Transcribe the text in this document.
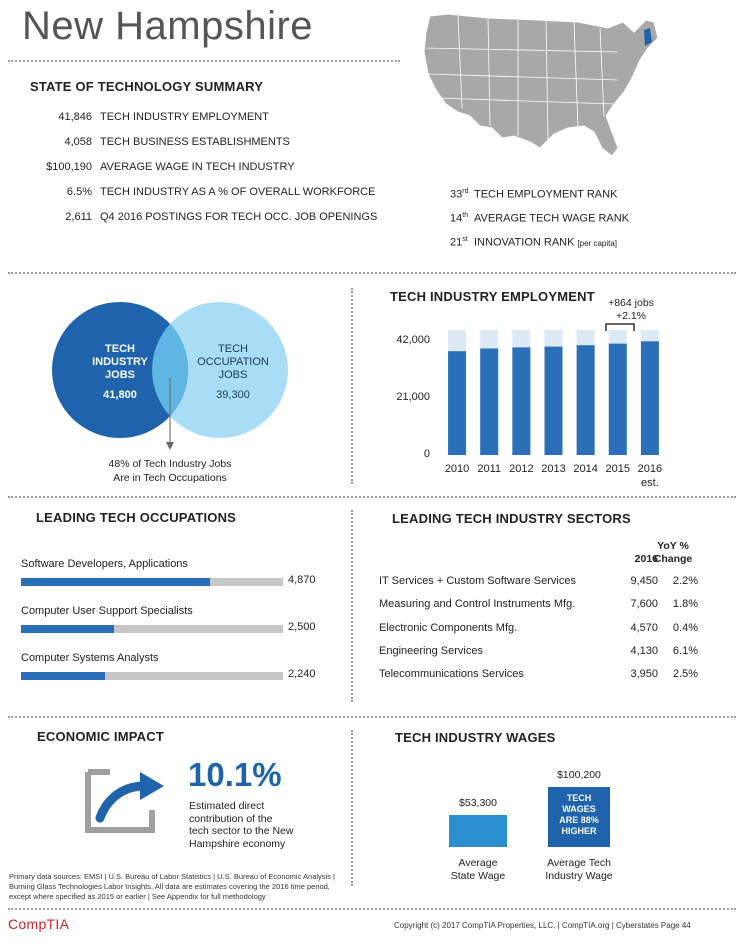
New Hampshire
STATE OF TECHNOLOGY SUMMARY
41,846 TECH INDUSTRY EMPLOYMENT
4,058 TECH BUSINESS ESTABLISHMENTS
$100,190 AVERAGE WAGE IN TECH INDUSTRY
6.5% TECH INDUSTRY AS A % OF OVERALL WORKFORCE
2,611 Q4 2016 POSTINGS FOR TECH OCC. JOB OPENINGS
33rd TECH EMPLOYMENT RANK
14th AVERAGE TECH WAGE RANK
21st INNOVATION RANK [per capita]
TECH
INDUSTRY
JOBS
41,800
TECH
OCCUPATION
JOBS
39,300
48% of Tech Industry Jobs
Are in Tech Occupations
TECH INDUSTRY EMPLOYMENT	+864 jobs
+2.1%
0
21,000
42,000
2010 2011 2012 2013 2014 2015 2016
est.
LEADING TECH OCCUPATIONS
Software Developers, Applications
4,870
Computer User Support Specialists
2,500
Computer Systems Analysts
2,240
LEADING TECH INDUSTRY SECTORS
YoY %
Change
2016
IT Services + Custom Software Services	9,450	2.2%
Measuring and Control Instruments Mfg.	7,600	1.8%
Electronic Components Mfg.	4,570	0.4%
Engineering Services	4,130	6.1%
Telecommunications Services	3,950	2.5%
ECONOMIC IMPACT
10.1%
Estimated direct
contribution of the
tech sector to the New
Hampshire economy
TECH INDUSTRY WAGES
$53,300
$100,200
TECH
WAGES
ARE 88%
HIGHER
Average
State Wage
Average Tech
Industry Wage
Primary data sources: EMSI | U.S. Bureau of Labor Statistics | U.S. Bureau of Economic Analysis |
Burning Glass Technologies Labor Insights. All data are estimates covering the 2016 time period,
except where specified as 2015 or earlier | See Appendix for full methodology
CompTIA	Copyright (c) 2017 CompTIA Properties, LLC. | CompTIA.org | Cyberstates Page 44
